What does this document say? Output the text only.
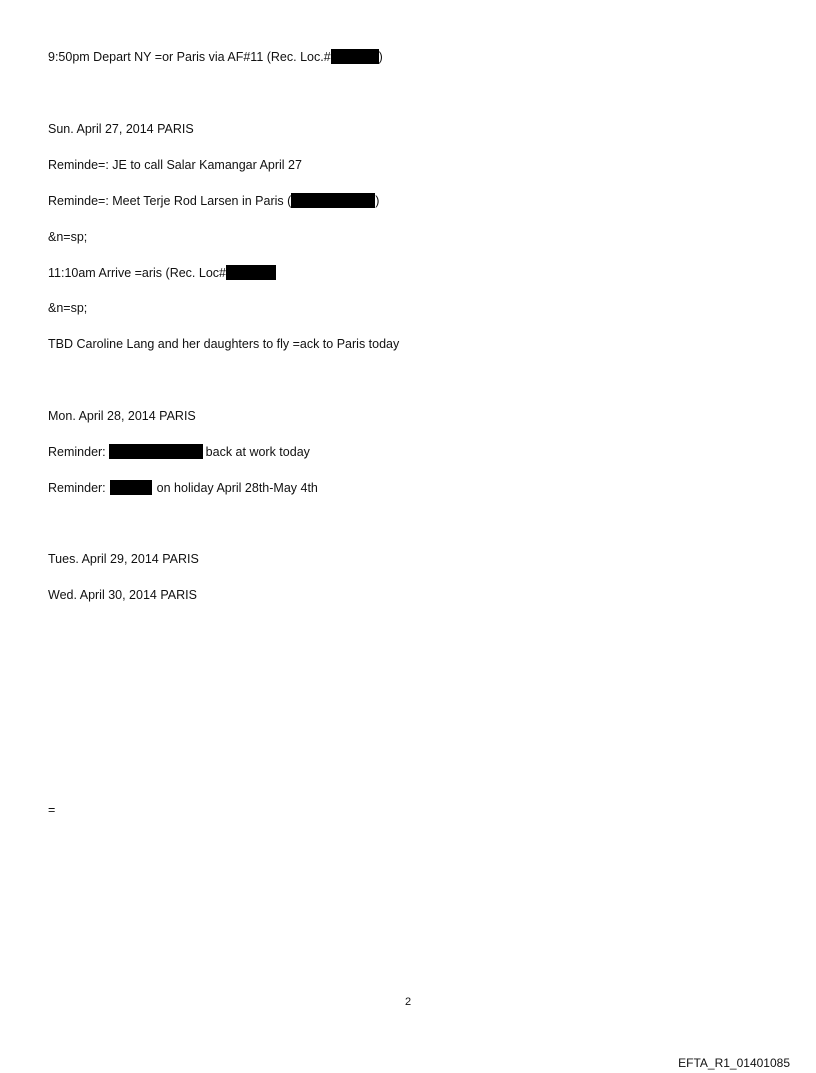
9:50pm Depart NY =or Paris via AF#11 (Rec. Loc.#	)
Sun. April 27, 2014 PARIS
Reminde=: JE to call Salar Kamangar April 27
Reminde=: Meet Terje Rod Larsen in Paris (	)
&n=sp;
11:10am Arrive =aris (Rec. Loc#
&n=sp;
TBD Caroline Lang and her daughters to fly =ack to Paris today
Mon. April 28, 2014 PARIS
Reminder:	back at work today
Reminder:	on holiday April 28th-May 4th
Tues. April 29, 2014 PARIS
Wed. April 30, 2014 PARIS
=
2
EFTA_R1_01401085
